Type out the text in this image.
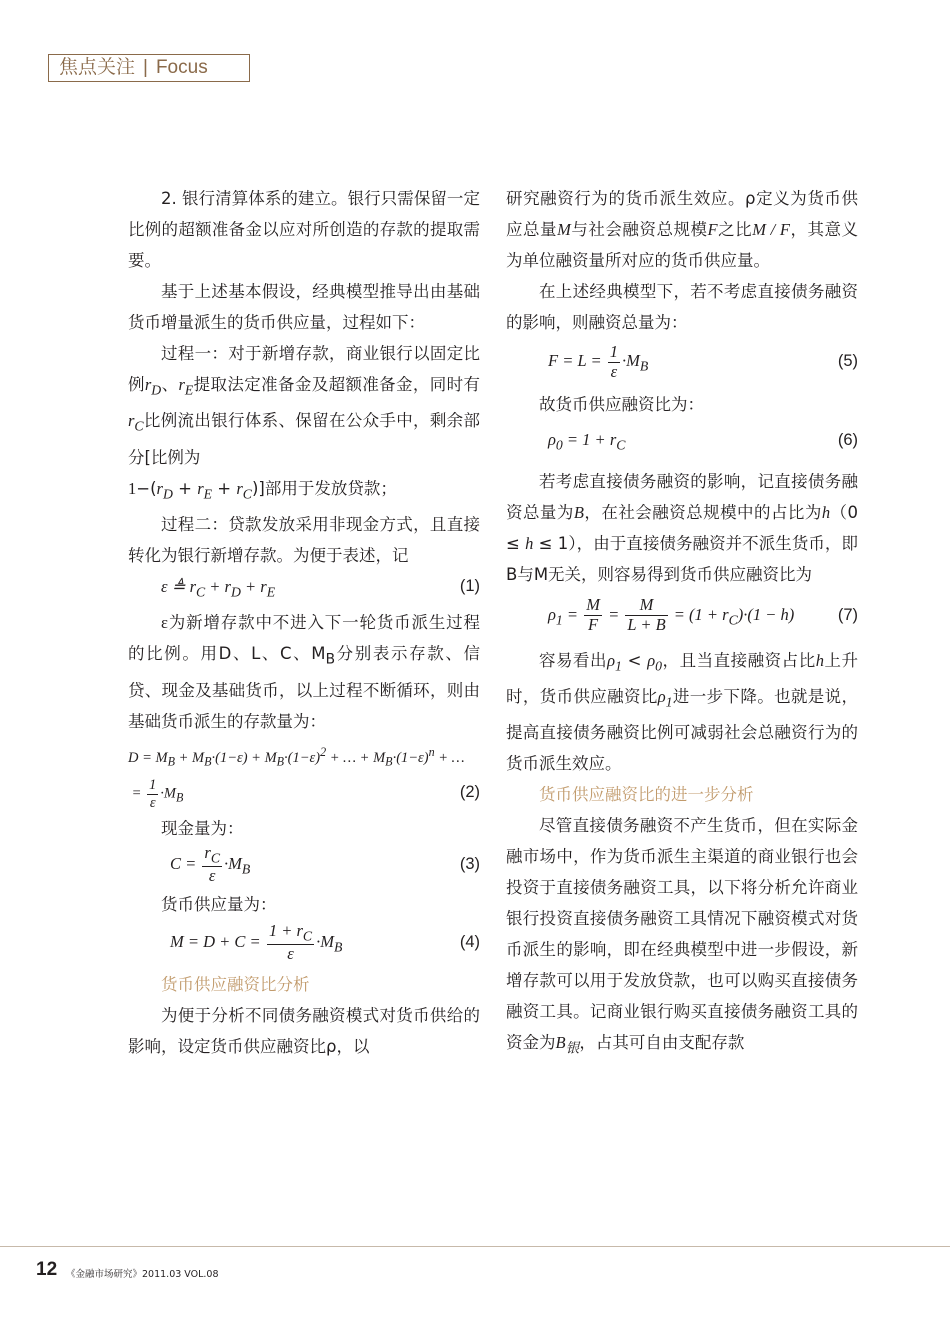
焦点关注 | Focus

2. 银行清算体系的建立。银行只需保留一定比例的超额准备金以应对所创造的存款的提取需要。

基于上述基本假设，经典模型推导出由基础货币增量派生的货币供应量，过程如下：

过程一：对于新增存款，商业银行以固定比例$r_D$、$r_E$提取法定准备金及超额准备金，同时有$r_C$比例流出银行体系、保留在公众手中，剩余部分[比例为
$1-(r_D + r_E + r_C)$]部用于发放贷款；

过程二：贷款发放采用非现金方式，且直接转化为银行新增存款。为便于表述，记

ε ≜ $r_C + r_D + r_E$	(1)

ε为新增存款中不进入下一轮货币派生过程的比例。用D、L、C、$M_B$分别表示存款、信贷、现金及基础货币，以上过程不断循环，则由基础货币派生的存款量为：

$D = M_B + M_B\cdot(1-\varepsilon) + M_B\cdot(1-\varepsilon)^2$ + … + $M_B\cdot(1-\varepsilon)^n$ + …
= $\frac{1}{\varepsilon} \cdot M_B$	(2)

现金量为：

$C = \frac{r_C}{\varepsilon} \cdot M_B$	(3)

货币供应量为：

$M = D + C = \frac{1 + r_C}{\varepsilon} \cdot M_B$	(4)

货币供应融资比分析

为便于分析不同债务融资模式对货币供给的影响，设定货币供应融资比ρ，以

研究融资行为的货币派生效应。ρ定义为货币供应总量M与社会融资总规模F之比M / F，其意义为单位融资量所对应的货币供应量。

在上述经典模型下，若不考虑直接债务融资的影响，则融资总量为：

$F = L = \frac{1}{\varepsilon} \cdot M_B$	(5)

故货币供应融资比为：

$\rho_0 = 1 + r_C$	(6)

若考虑直接债务融资的影响，记直接债务融资总量为B，在社会融资总规模中的占比为h（0 ≤ h ≤ 1），由于直接债务融资并不派生货币，即B与M无关，则容易得到货币供应融资比为

$\rho_1 = \frac{M}{F} = \frac{M}{L + B} = (1 + r_C)\cdot(1 - h)$	(7)

容易看出$\rho_1 < \rho_0$，且当直接融资占比h上升时，货币供应融资比$\rho_1$进一步下降。也就是说，提高直接债务融资比例可减弱社会总融资行为的货币派生效应。

货币供应融资比的进一步分析

尽管直接债务融资不产生货币，但在实际金融市场中，作为货币派生主渠道的商业银行也会投资于直接债务融资工具，以下将分析允许商业银行投资直接债务融资工具情况下融资模式对货币派生的影响，即在经典模型中进一步假设，新增存款可以用于发放贷款，也可以购买直接债务融资工具。记商业银行购买直接债务融资工具的资金为$B_银$，占其可自由支配存款

12 《金融市场研究》2011.03 VOL.08
